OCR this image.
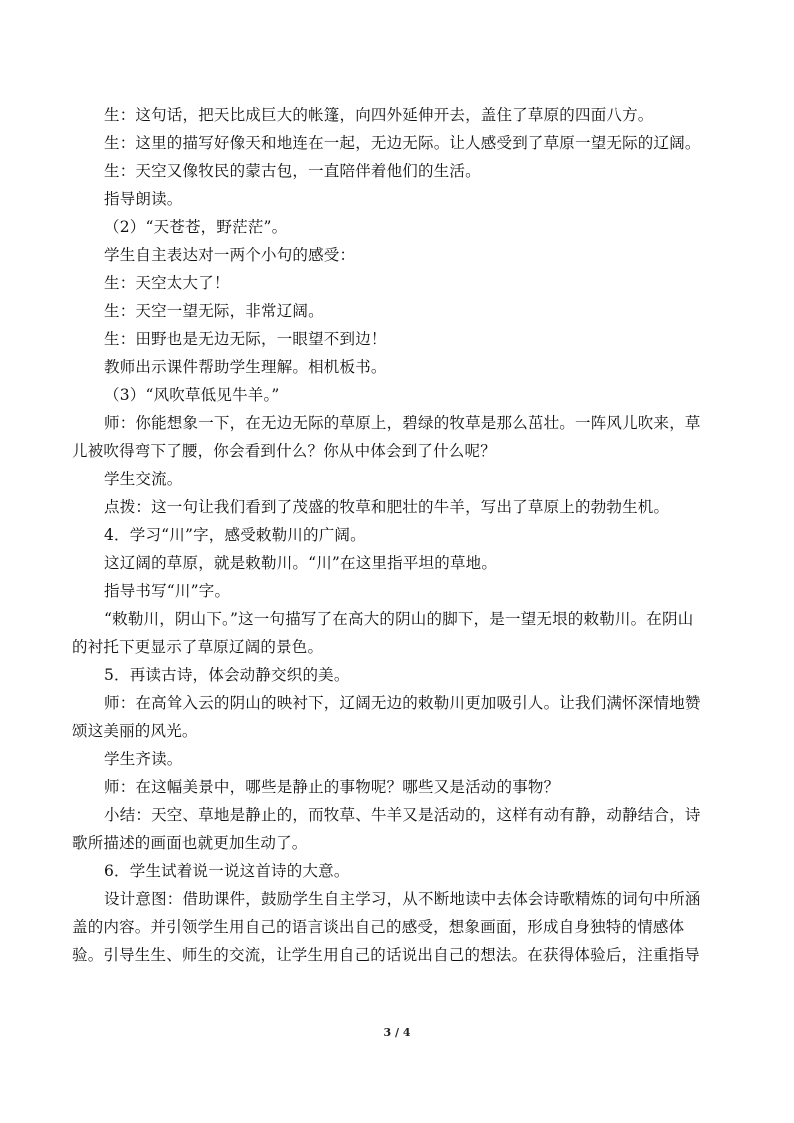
生：这句话，把天比成巨大的帐篷，向四外延伸开去，盖住了草原的四面八方。
生：这里的描写好像天和地连在一起，无边无际。让人感受到了草原一望无际的辽阔。
生：天空又像牧民的蒙古包，一直陪伴着他们的生活。
指导朗读。
（2）“天苍苍，野茫茫”。
学生自主表达对一两个小句的感受：
生：天空太大了！
生：天空一望无际，非常辽阔。
生：田野也是无边无际，一眼望不到边！
教师出示课件帮助学生理解。相机板书。
（3）“风吹草低见牛羊。”
师：你能想象一下，在无边无际的草原上，碧绿的牧草是那么茁壮。一阵风儿吹来，草
儿被吹得弯下了腰，你会看到什么？你从中体会到了什么呢？
学生交流。
点拨：这一句让我们看到了茂盛的牧草和肥壮的牛羊，写出了草原上的勃勃生机。
4．学习“川”字，感受敕勒川的广阔。
这辽阔的草原，就是敕勒川。“川”在这里指平坦的草地。
指导书写“川”字。
“敕勒川，阴山下。”这一句描写了在高大的阴山的脚下，是一望无垠的敕勒川。在阴山
的衬托下更显示了草原辽阔的景色。
5．再读古诗，体会动静交织的美。
师：在高耸入云的阴山的映衬下，辽阔无边的敕勒川更加吸引人。让我们满怀深情地赞
颂这美丽的风光。
学生齐读。
师：在这幅美景中，哪些是静止的事物呢？哪些又是活动的事物？
小结：天空、草地是静止的，而牧草、牛羊又是活动的，这样有动有静，动静结合，诗
歌所描述的画面也就更加生动了。
6．学生试着说一说这首诗的大意。
设计意图：借助课件，鼓励学生自主学习，从不断地读中去体会诗歌精炼的词句中所涵
盖的内容。并引领学生用自己的语言谈出自己的感受，想象画面，形成自身独特的情感体
验。引导生生、师生的交流，让学生用自己的话说出自己的想法。在获得体验后，注重指导
3 / 4
